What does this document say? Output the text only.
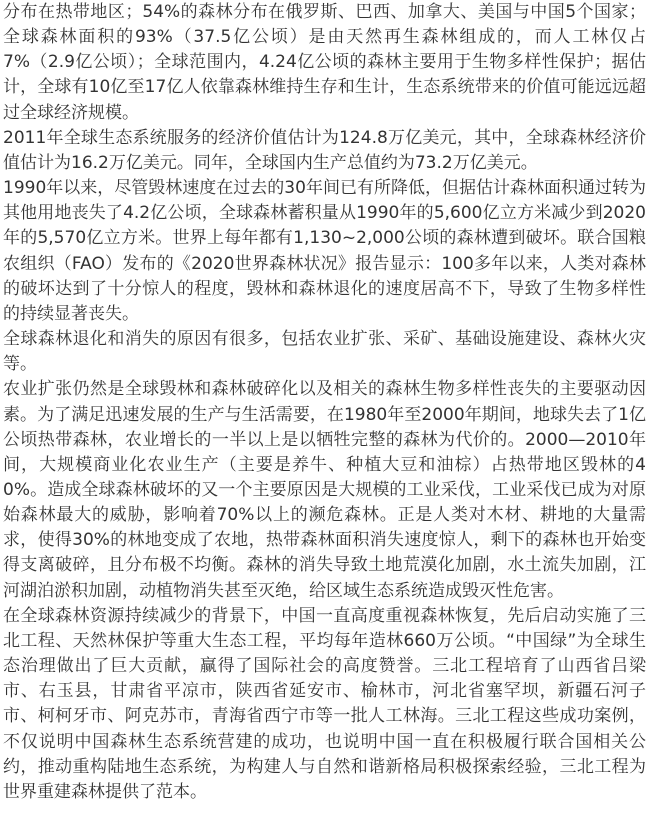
分布在热带地区；54%的森林分布在俄罗斯、巴西、加拿大、美国与中国5个国家；全球森林面积的93%（37.5亿公顷）是由天然再生森林组成的，而人工林仅占7%（2.9亿公顷）；全球范围内，4.24亿公顷的森林主要用于生物多样性保护；据估计，全球有10亿至17亿人依靠森林维持生存和生计，生态系统带来的价值可能远远超过全球经济规模。

2011年全球生态系统服务的经济价值估计为124.8万亿美元，其中，全球森林经济价值估计为16.2万亿美元。同年，全球国内生产总值约为73.2万亿美元。

1990年以来，尽管毁林速度在过去的30年间已有所降低，但据估计森林面积通过转为其他用地丧失了4.2亿公顷，全球森林蓄积量从1990年的5,600亿立方米减少到2020年的5,570亿立方米。世界上每年都有1,130~2,000公顷的森林遭到破坏。联合国粮农组织（FAO）发布的《2020世界森林状况》报告显示：100多年以来，人类对森林的破坏达到了十分惊人的程度，毁林和森林退化的速度居高不下，导致了生物多样性的持续显著丧失。

全球森林退化和消失的原因有很多，包括农业扩张、采矿、基础设施建设、森林火灾等。

农业扩张仍然是全球毁林和森林破碎化以及相关的森林生物多样性丧失的主要驱动因素。为了满足迅速发展的生产与生活需要，在1980年至2000年期间，地球失去了1亿公顷热带森林，农业增长的一半以上是以牺牲完整的森林为代价的。2000—2010年间，大规模商业化农业生产（主要是养牛、种植大豆和油棕）占热带地区毁林的40%。造成全球森林破坏的又一个主要原因是大规模的工业采伐，工业采伐已成为对原始森林最大的威胁，影响着70%以上的濒危森林。正是人类对木材、耕地的大量需求，使得30%的林地变成了农地，热带森林面积消失速度惊人，剩下的森林也开始变得支离破碎，且分布极不均衡。森林的消失导致土地荒漠化加剧，水土流失加剧，江河湖泊淤积加剧，动植物消失甚至灭绝，给区域生态系统造成毁灭性危害。

在全球森林资源持续减少的背景下，中国一直高度重视森林恢复，先后启动实施了三北工程、天然林保护等重大生态工程，平均每年造林660万公顷。“中国绿”为全球生态治理做出了巨大贡献，赢得了国际社会的高度赞誉。三北工程培育了山西省吕梁市、右玉县，甘肃省平凉市，陕西省延安市、榆林市，河北省塞罕坝，新疆石河子市、柯柯牙市、阿克苏市，青海省西宁市等一批人工林海。三北工程这些成功案例，不仅说明中国森林生态系统营建的成功，也说明中国一直在积极履行联合国相关公约，推动重构陆地生态系统，为构建人与自然和谐新格局积极探索经验，三北工程为世界重建森林提供了范本。
